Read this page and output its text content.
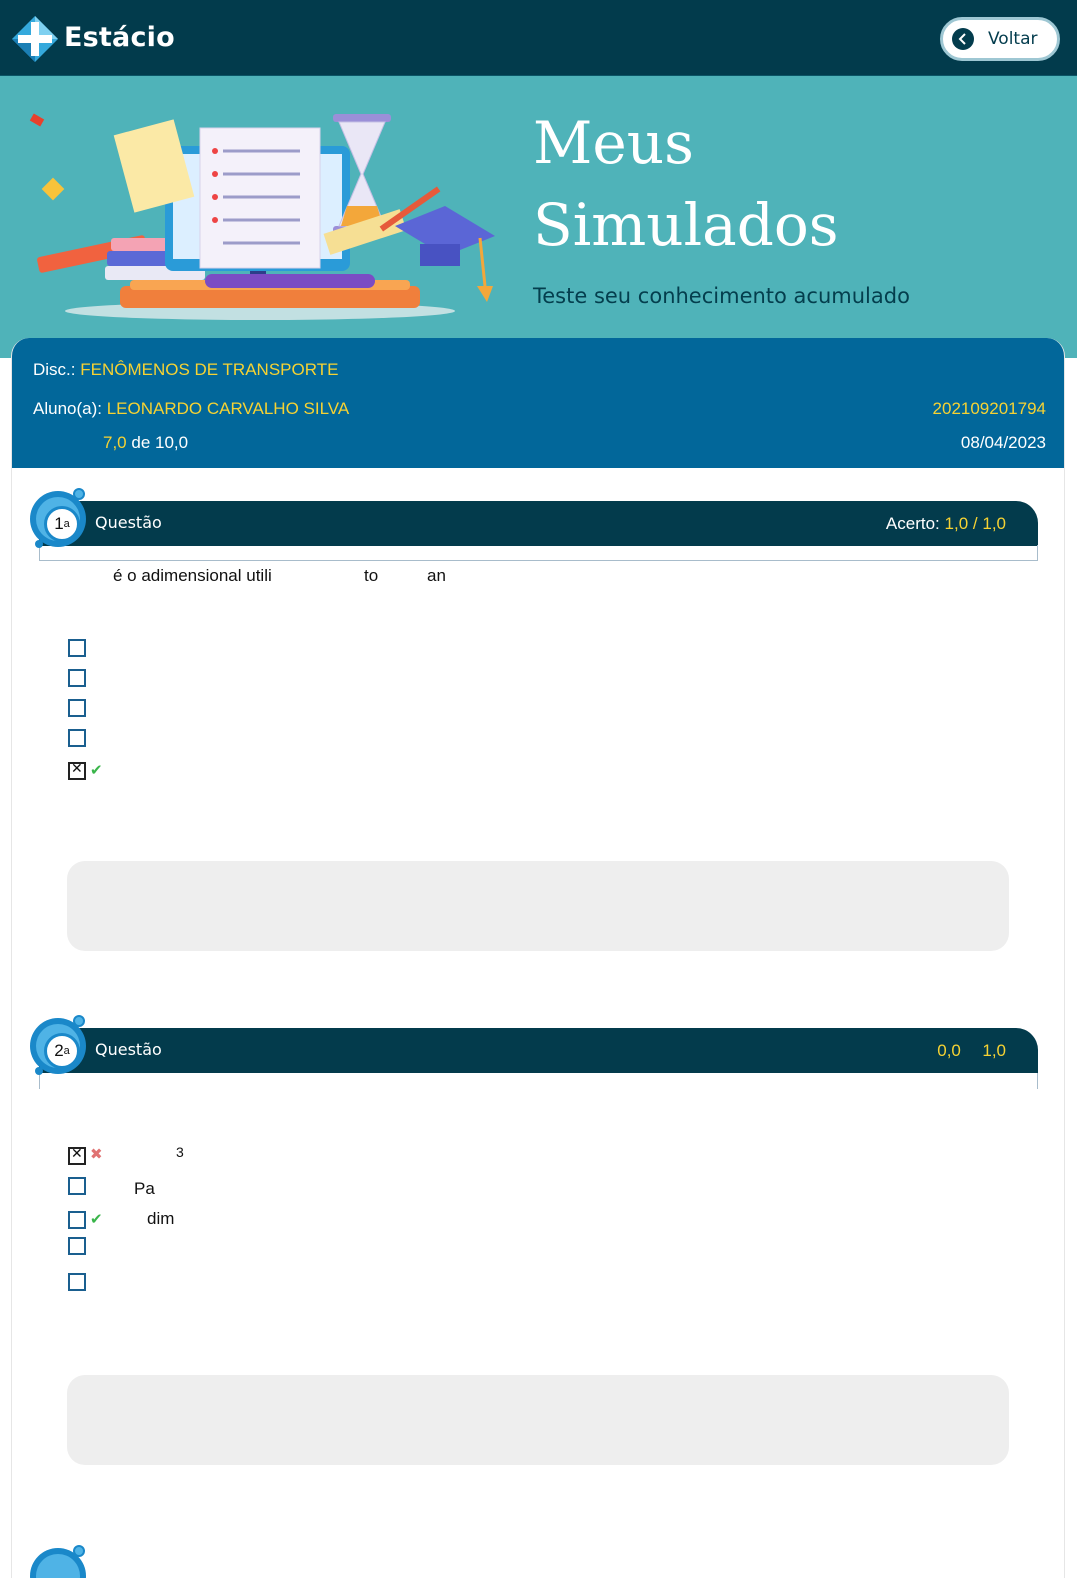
Estácio	Voltar
Meus
Simulados
Teste seu conhecimento acumulado
Disc.: FENÔMENOS DE TRANSPORTE
Aluno(a): LEONARDO CARVALHO SILVA	202109201794
7,0 de 10,0	08/04/2023
Questão	Acerto: 1,0 / 1,0
1 a
é o adimensional utili	to	an
✕
✔
Questão	0,0 1,0
2 a
✕
✖	3
Pa
✔	dim
